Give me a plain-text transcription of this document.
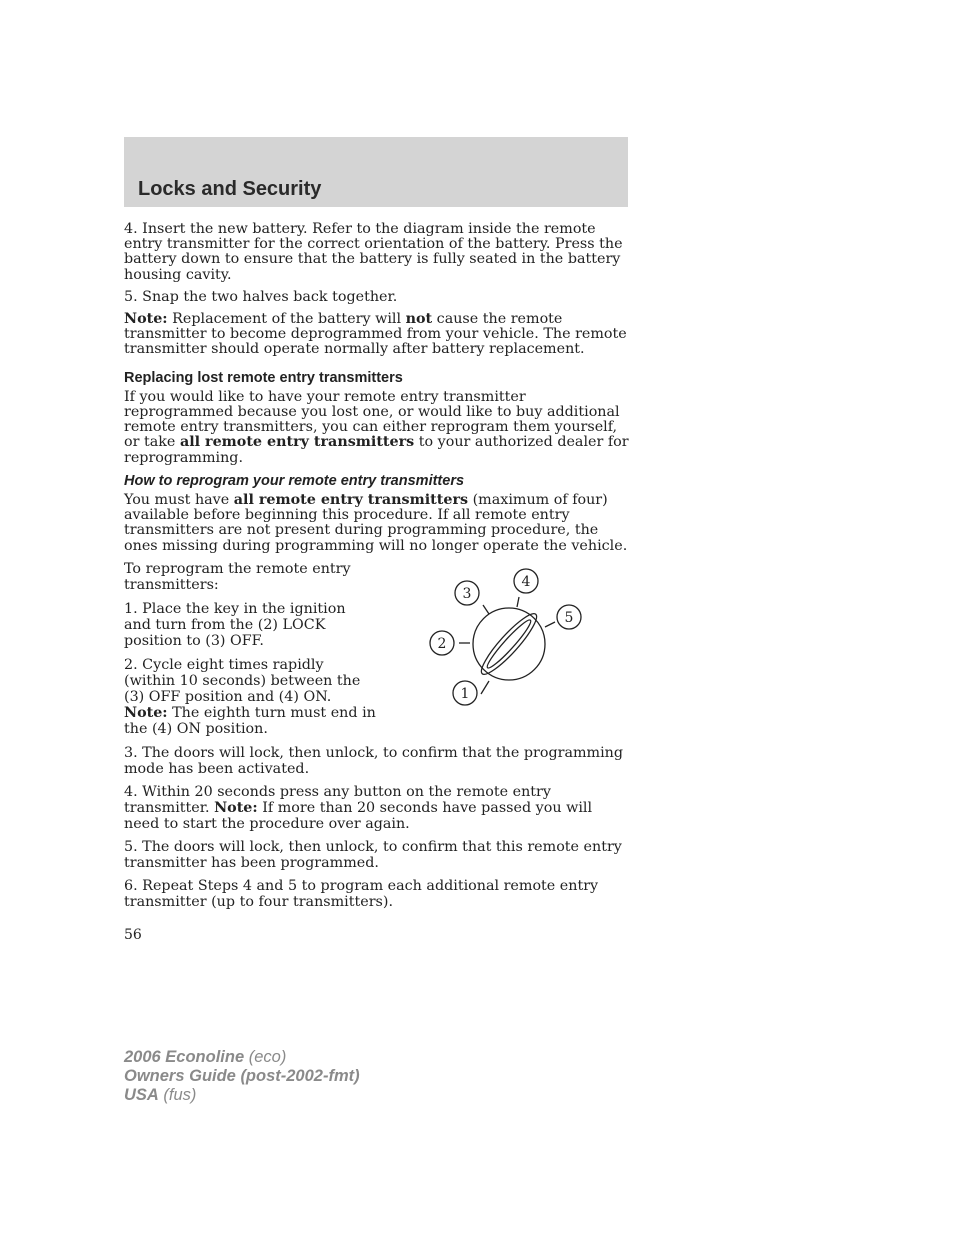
Locks and Security

4. Insert the new battery. Refer to the diagram inside the remote entry transmitter for the correct orientation of the battery. Press the battery down to ensure that the battery is fully seated in the battery housing cavity.

5. Snap the two halves back together.

Note: Replacement of the battery will not cause the remote transmitter to become deprogrammed from your vehicle. The remote transmitter should operate normally after battery replacement.

Replacing lost remote entry transmitters

If you would like to have your remote entry transmitter reprogrammed because you lost one, or would like to buy additional remote entry transmitters, you can either reprogram them yourself, or take all remote entry transmitters to your authorized dealer for reprogramming.

How to reprogram your remote entry transmitters

You must have all remote entry transmitters (maximum of four) available before beginning this procedure. If all remote entry transmitters are not present during programming procedure, the ones missing during programming will no longer operate the vehicle.

To reprogram the remote entry transmitters:

1. Place the key in the ignition and turn from the (2) LOCK position to (3) OFF.

2. Cycle eight times rapidly (within 10 seconds) between the (3) OFF position and (4) ON. Note: The eighth turn must end in the (4) ON position.

3. The doors will lock, then unlock, to confirm that the programming mode has been activated.

4. Within 20 seconds press any button on the remote entry transmitter. Note: If more than 20 seconds have passed you will need to start the procedure over again.

5. The doors will lock, then unlock, to confirm that this remote entry transmitter has been programmed.

6. Repeat Steps 4 and 5 to program each additional remote entry transmitter (up to four transmitters).

1
2
3
4
5
56
2006 Econoline (eco)
Owners Guide (post-2002-fmt)
USA (fus)
